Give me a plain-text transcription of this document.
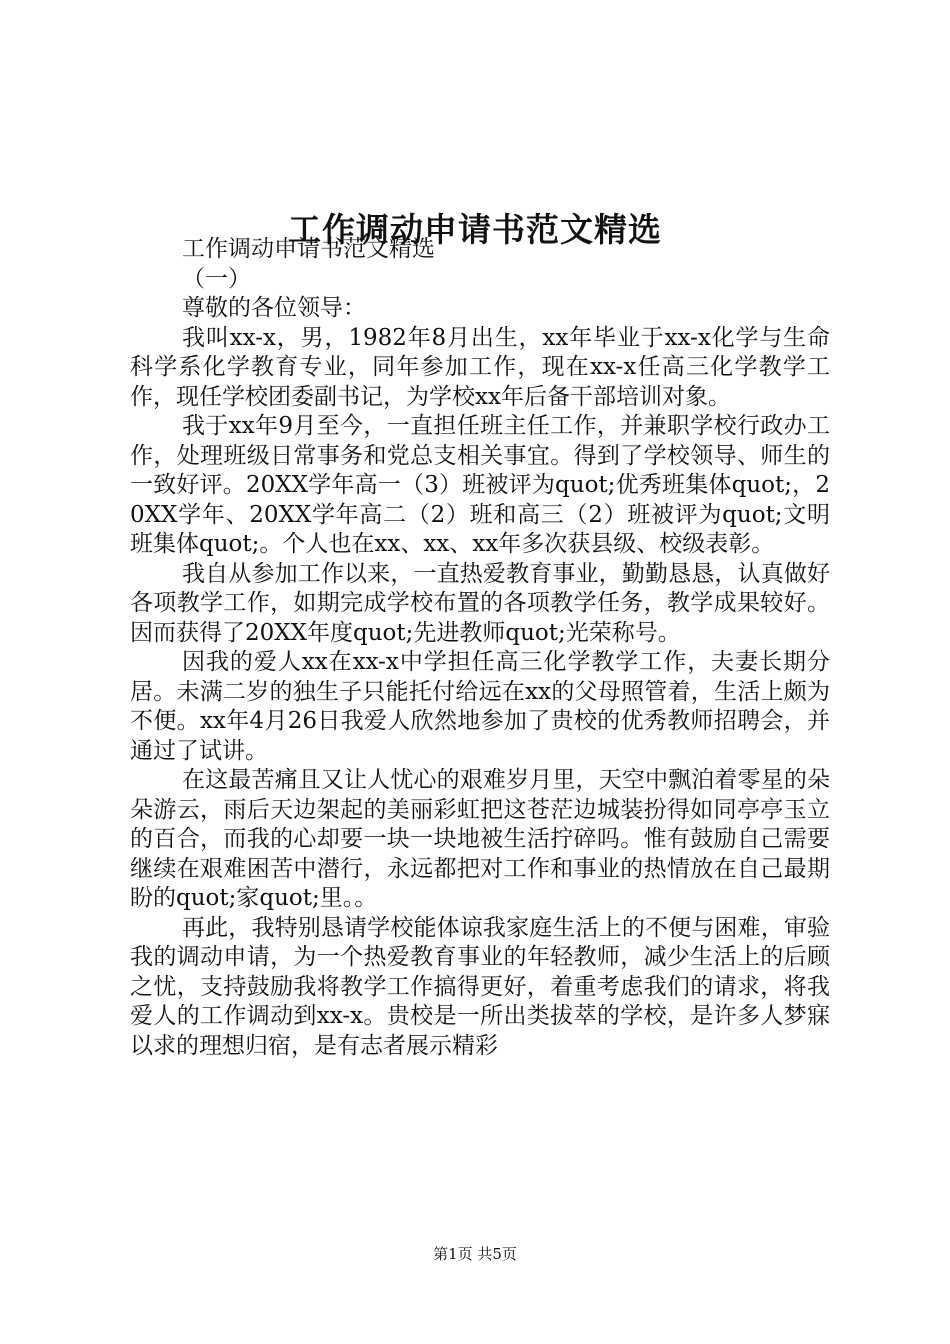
工作调动申请书范文精选

工作调动申请书范文精选

（一）

尊敬的各位领导：

我叫xx-x，男，1982年8月出生，xx年毕业于xx-x化学与生命科学系化学教育专业，同年参加工作，现在xx-x任高三化学教学工作，现任学校团委副书记，为学校xx年后备干部培训对象。

我于xx年9月至今，一直担任班主任工作，并兼职学校行政办工作，处理班级日常事务和党总支相关事宜。得到了学校领导、师生的一致好评。20XX学年高一（3）班被评为quot;优秀班集体quot;，20XX学年、20XX学年高二（2）班和高三（2）班被评为quot;文明班集体quot;。个人也在xx、xx、xx年多次获县级、校级表彰。

我自从参加工作以来，一直热爱教育事业，勤勤恳恳，认真做好各项教学工作，如期完成学校布置的各项教学任务，教学成果较好。因而获得了20XX年度quot;先进教师quot;光荣称号。

因我的爱人xx在xx-x中学担任高三化学教学工作，夫妻长期分居。未满二岁的独生子只能托付给远在xx的父母照管着，生活上颇为不便。xx年4月26日我爱人欣然地参加了贵校的优秀教师招聘会，并通过了试讲。

在这最苦痛且又让人忧心的艰难岁月里，天空中飘泊着零星的朵朵游云，雨后天边架起的美丽彩虹把这苍茫边城装扮得如同亭亭玉立的百合，而我的心却要一块一块地被生活拧碎吗。惟有鼓励自己需要继续在艰难困苦中潜行，永远都把对工作和事业的热情放在自己最期盼的quot;家quot;里。。

再此，我特别恳请学校能体谅我家庭生活上的不便与困难，审验我的调动申请，为一个热爱教育事业的年轻教师，减少生活上的后顾之忧，支持鼓励我将教学工作搞得更好，着重考虑我们的请求，将我爱人的工作调动到xx-x。贵校是一所出类拔萃的学校，是许多人梦寐以求的理想归宿，是有志者展示精彩

第1页 共5页
